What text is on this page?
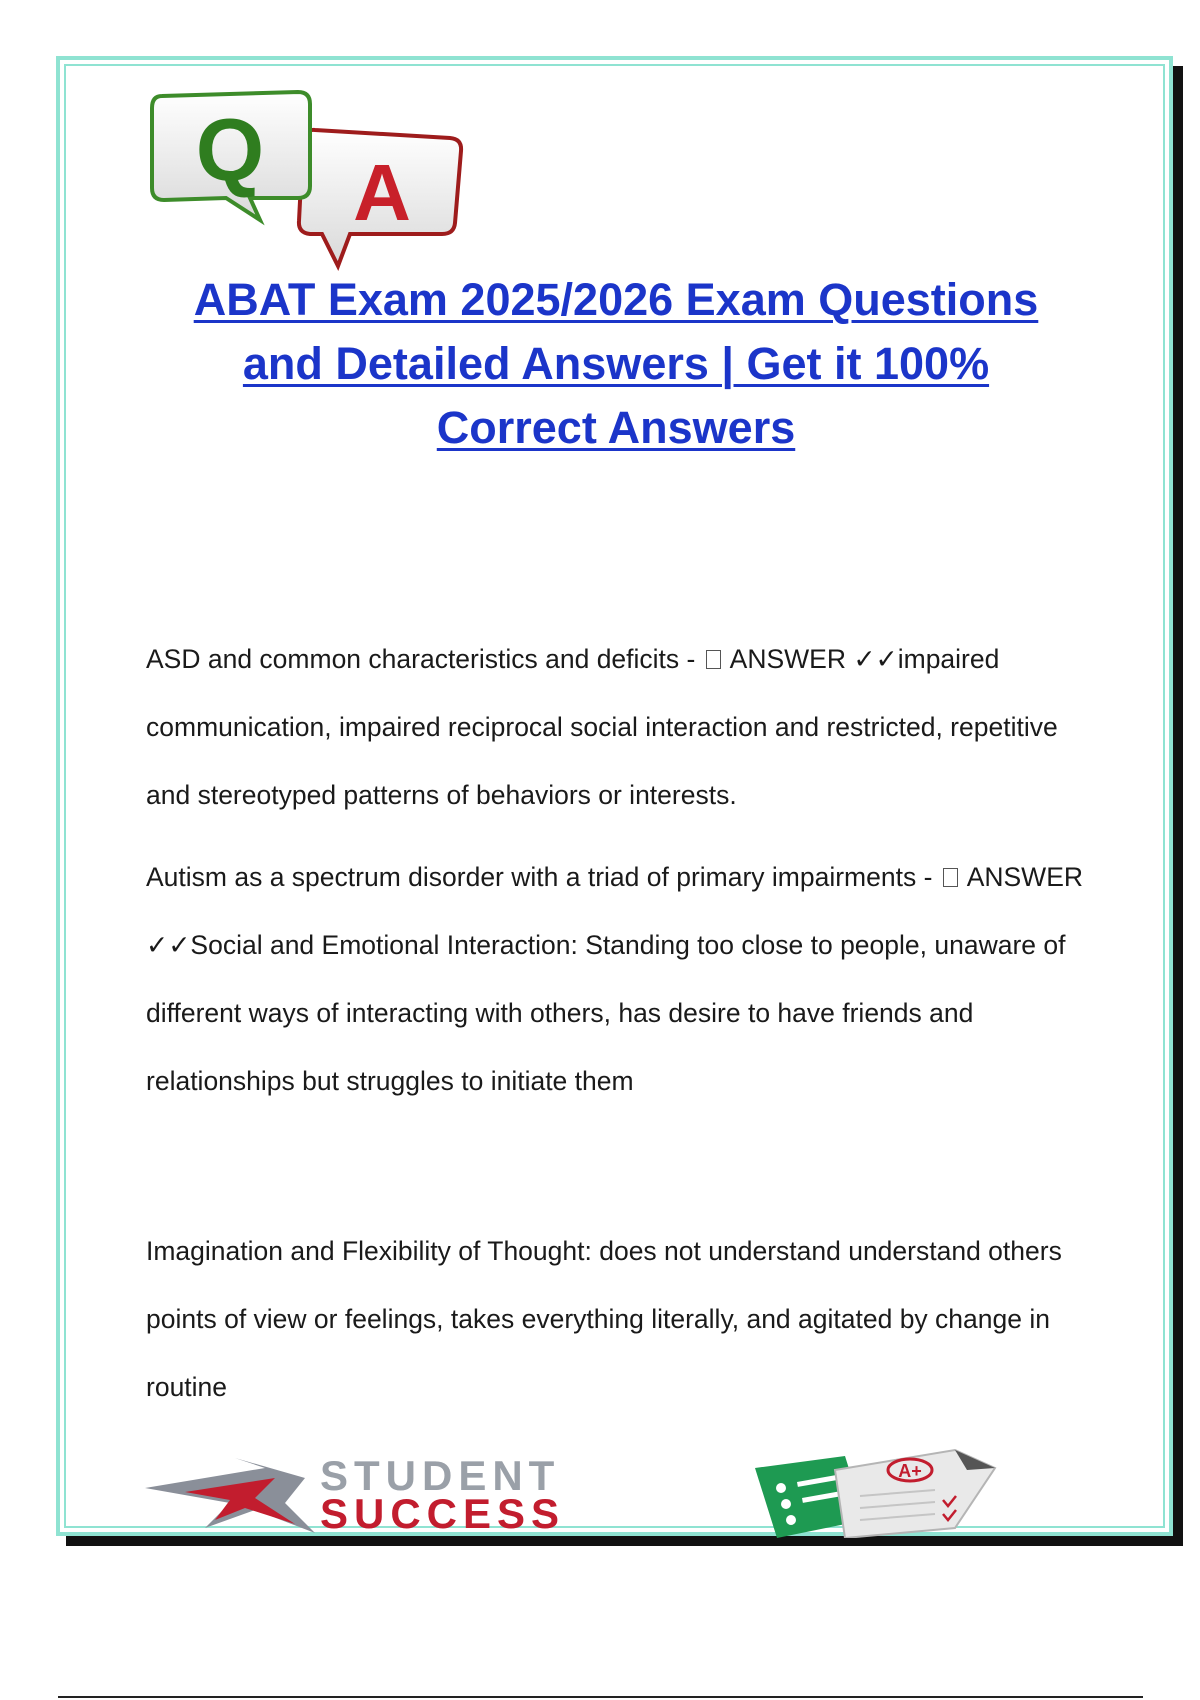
Q A
ABAT Exam 2025/2026 Exam Questions
and Detailed Answers | Get it 100%
Correct Answers

ASD and common characteristics and deficits -  ANSWER ✓✓impaired communication, impaired reciprocal social interaction and restricted, repetitive and stereotyped patterns of behaviors or interests.

Autism as a spectrum disorder with a triad of primary impairments -  ANSWER ✓✓Social and Emotional Interaction: Standing too close to people, unaware of different ways of interacting with others, has desire to have friends and relationships but struggles to initiate them

Imagination and Flexibility of Thought: does not understand understand others points of view or feelings, takes everything literally, and agitated by change in routine

STUDENT
SUCCESS
A+
